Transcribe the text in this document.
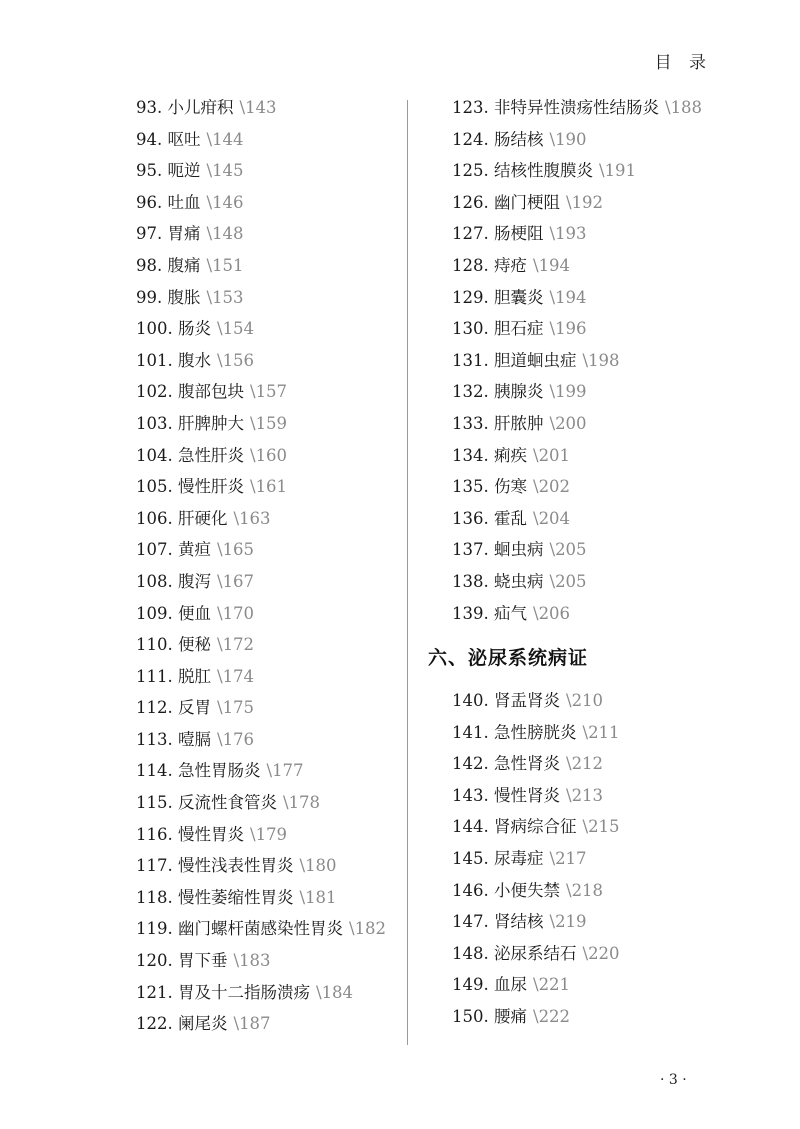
目 录
93. 小儿疳积 \143
94. 呕吐 \144
95. 呃逆 \145
96. 吐血 \146
97. 胃痛 \148
98. 腹痛 \151
99. 腹胀 \153
100. 肠炎 \154
101. 腹水 \156
102. 腹部包块 \157
103. 肝脾肿大 \159
104. 急性肝炎 \160
105. 慢性肝炎 \161
106. 肝硬化 \163
107. 黄疸 \165
108. 腹泻 \167
109. 便血 \170
110. 便秘 \172
111. 脱肛 \174
112. 反胃 \175
113. 噎膈 \176
114. 急性胃肠炎 \177
115. 反流性食管炎 \178
116. 慢性胃炎 \179
117. 慢性浅表性胃炎 \180
118. 慢性萎缩性胃炎 \181
119. 幽门螺杆菌感染性胃炎 \182
120. 胃下垂 \183
121. 胃及十二指肠溃疡 \184
122. 阑尾炎 \187
123. 非特异性溃疡性结肠炎 \188
124. 肠结核 \190
125. 结核性腹膜炎 \191
126. 幽门梗阻 \192
127. 肠梗阻 \193
128. 痔疮 \194
129. 胆囊炎 \194
130. 胆石症 \196
131. 胆道蛔虫症 \198
132. 胰腺炎 \199
133. 肝脓肿 \200
134. 痢疾 \201
135. 伤寒 \202
136. 霍乱 \204
137. 蛔虫病 \205
138. 蛲虫病 \205
139. 疝气 \206
六、泌尿系统病证
140. 肾盂肾炎 \210
141. 急性膀胱炎 \211
142. 急性肾炎 \212
143. 慢性肾炎 \213
144. 肾病综合征 \215
145. 尿毒症 \217
146. 小便失禁 \218
147. 肾结核 \219
148. 泌尿系结石 \220
149. 血尿 \221
150. 腰痛 \222
· 3 ·
